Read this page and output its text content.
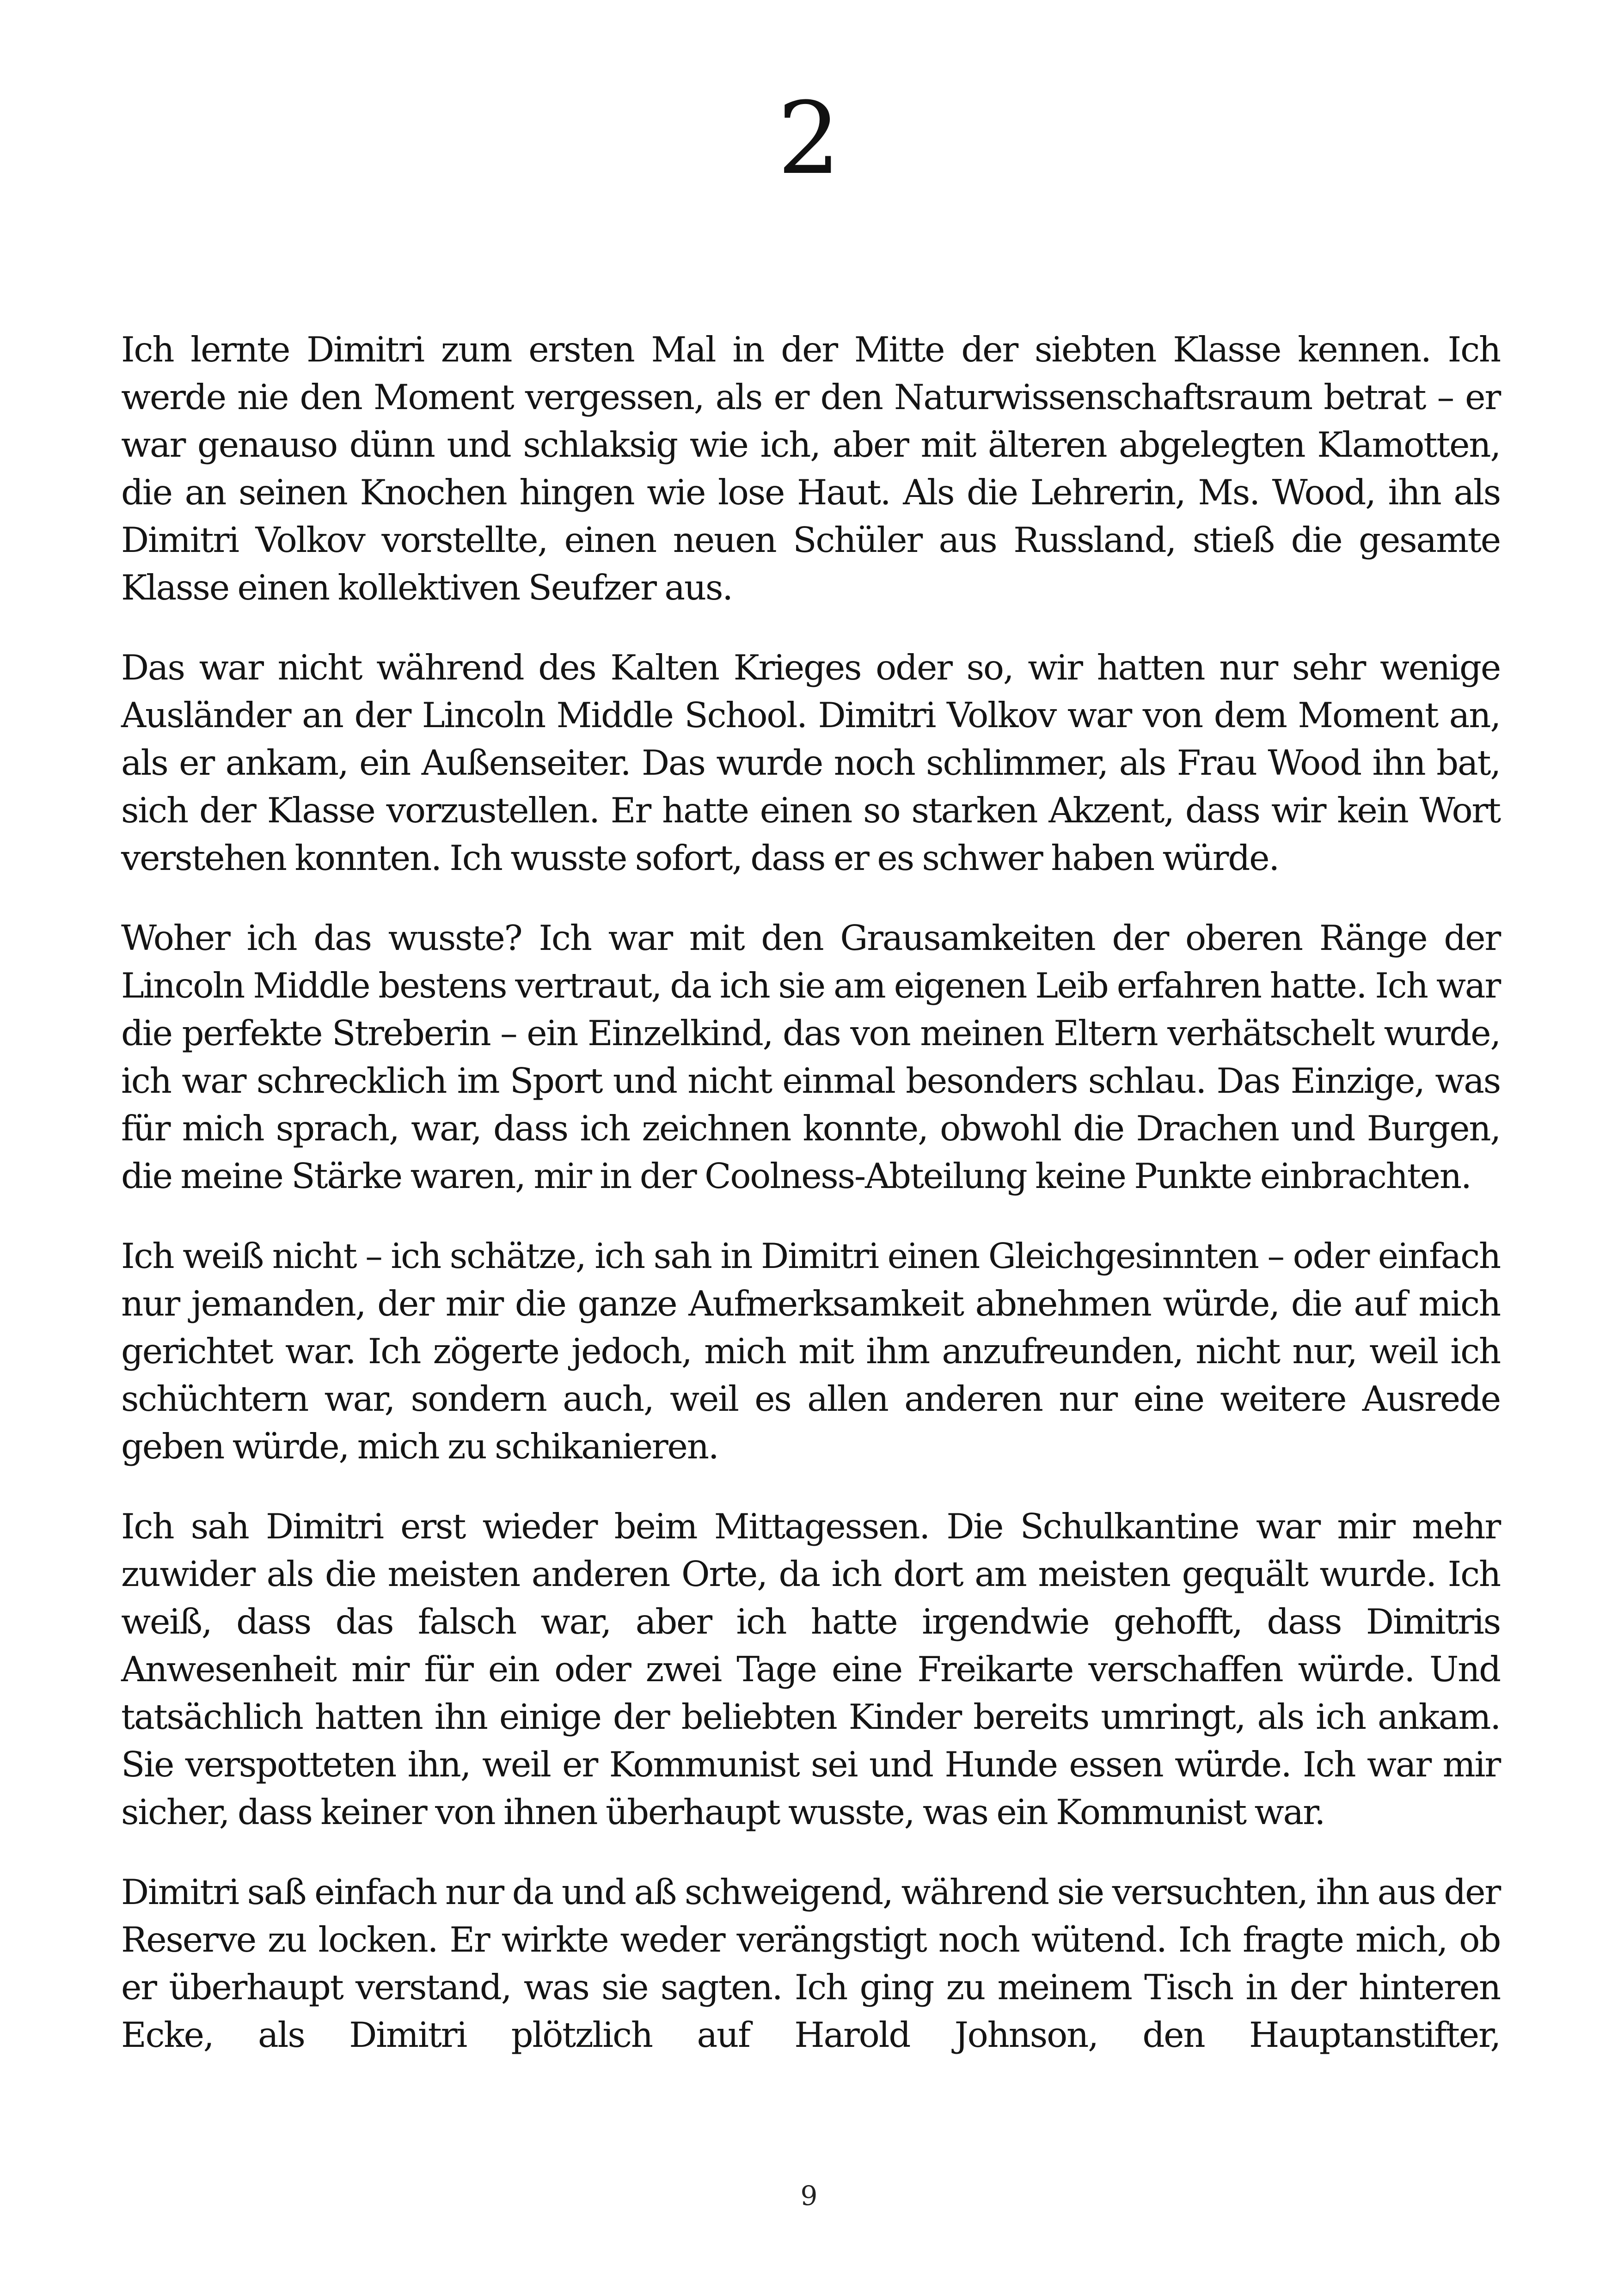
2

Ich lernte Dimitri zum ersten Mal in der Mitte der siebten Klasse kennen. Ich werde nie den Moment vergessen, als er den Naturwissenschaftsraum betrat – er war genauso dünn und schlaksig wie ich, aber mit älteren abgelegten Klamotten, die an seinen Knochen hingen wie lose Haut. Als die Lehrerin, Ms. Wood, ihn als Dimitri Volkov vorstellte, einen neuen Schüler aus Russland, stieß die gesamte Klasse einen kollektiven Seufzer aus.

Das war nicht während des Kalten Krieges oder so, wir hatten nur sehr wenige Ausländer an der Lincoln Middle School. Dimitri Volkov war von dem Moment an, als er ankam, ein Außenseiter. Das wurde noch schlimmer, als Frau Wood ihn bat, sich der Klasse vorzustellen. Er hatte einen so starken Akzent, dass wir kein Wort verstehen konnten. Ich wusste sofort, dass er es schwer haben würde.

Woher ich das wusste? Ich war mit den Grausamkeiten der oberen Ränge der Lincoln Middle bestens vertraut, da ich sie am eigenen Leib erfahren hatte. Ich war die perfekte Streberin – ein Einzelkind, das von meinen Eltern verhätschelt wurde, ich war schrecklich im Sport und nicht einmal besonders schlau. Das Einzige, was für mich sprach, war, dass ich zeichnen konnte, obwohl die Drachen und Burgen, die meine Stärke waren, mir in der Coolness-Abteilung keine Punkte einbrachten.

Ich weiß nicht – ich schätze, ich sah in Dimitri einen Gleichgesinnten – oder einfach nur jemanden, der mir die ganze Aufmerksamkeit abnehmen würde, die auf mich gerichtet war. Ich zögerte jedoch, mich mit ihm anzufreunden, nicht nur, weil ich schüchtern war, sondern auch, weil es allen anderen nur eine weitere Ausrede geben würde, mich zu schikanieren.

Ich sah Dimitri erst wieder beim Mittagessen. Die Schulkantine war mir mehr zuwider als die meisten anderen Orte, da ich dort am meisten gequält wurde. Ich weiß, dass das falsch war, aber ich hatte irgendwie gehofft, dass Dimitris Anwesenheit mir für ein oder zwei Tage eine Freikarte verschaffen würde. Und tatsächlich hatten ihn einige der beliebten Kinder bereits umringt, als ich ankam. Sie verspotteten ihn, weil er Kommunist sei und Hunde essen würde. Ich war mir sicher, dass keiner von ihnen überhaupt wusste, was ein Kommunist war.

Dimitri saß einfach nur da und aß schweigend, während sie versuchten, ihn aus der Reserve zu locken. Er wirkte weder verängstigt noch wütend. Ich fragte mich, ob er überhaupt verstand, was sie sagten. Ich ging zu meinem Tisch in der hinteren Ecke, als Dimitri plötzlich auf Harold Johnson, den Hauptanstifter,

9
